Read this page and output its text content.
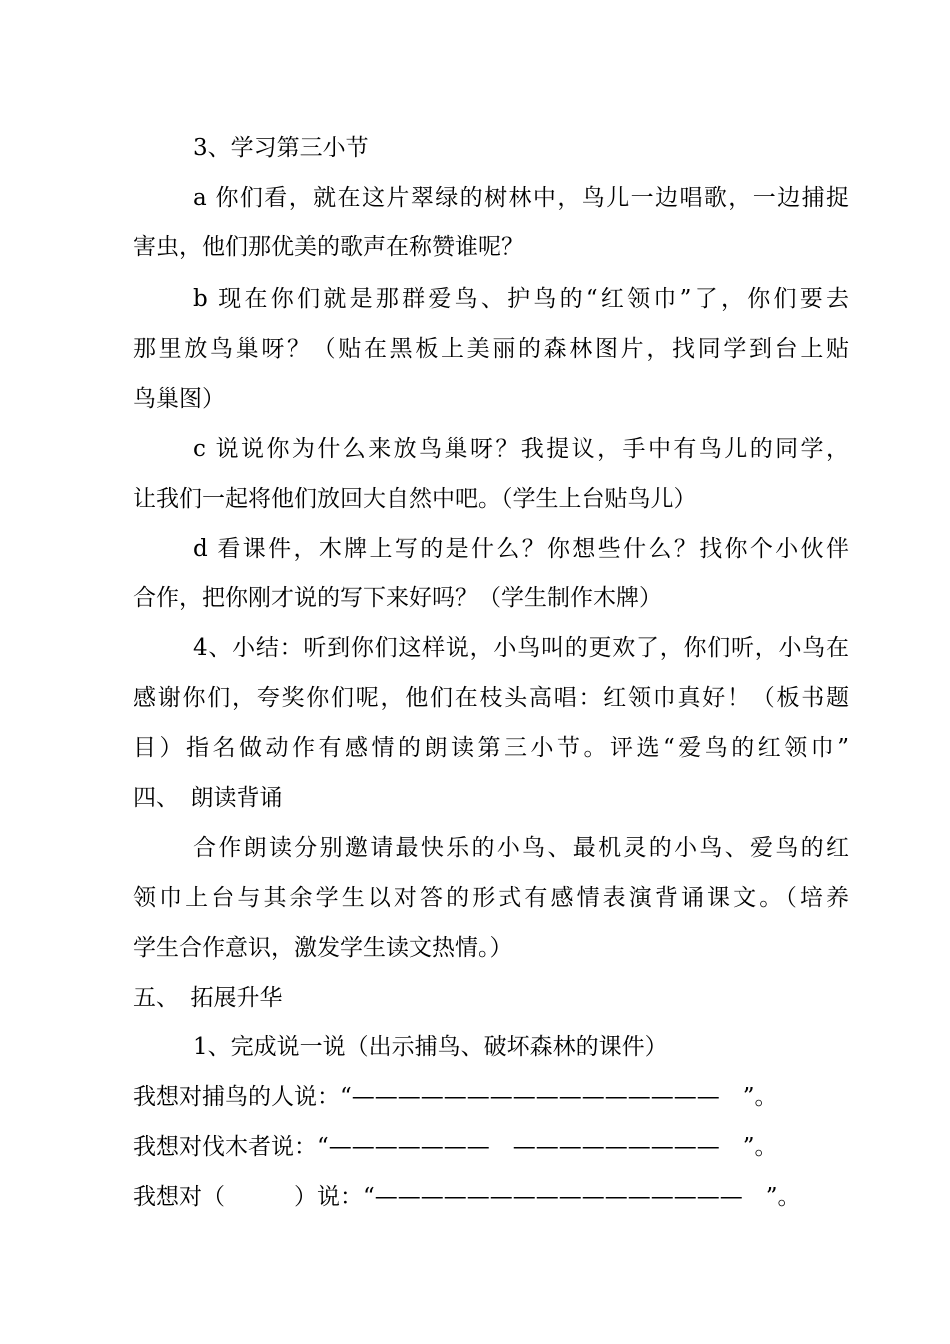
3、学习第三小节
a 你们看，就在这片翠绿的树林中，鸟儿一边唱歌，一边捕捉
害虫，他们那优美的歌声在称赞谁呢？
b 现在你们就是那群爱鸟、护鸟的“红领巾”了，你们要去
那里放鸟巢呀？（贴在黑板上美丽的森林图片，找同学到台上贴
鸟巢图）
c 说说你为什么来放鸟巢呀？我提议，手中有鸟儿的同学，
让我们一起将他们放回大自然中吧。（学生上台贴鸟儿）
d 看课件，木牌上写的是什么？你想些什么？找你个小伙伴
合作，把你刚才说的写下来好吗？（学生制作木牌）
4、小结：听到你们这样说，小鸟叫的更欢了，你们听，小鸟在
感谢你们，夸奖你们呢，他们在枝头高唱：红领巾真好！（板书题
目）指名做动作有感情的朗读第三小节。评选“爱鸟的红领巾”
四、　朗读背诵
合作朗读分别邀请最快乐的小鸟、最机灵的小鸟、爱鸟的红
领巾上台与其余学生以对答的形式有感情表演背诵课文。（培养
学生合作意识，激发学生读文热情。）
五、　拓展升华
1、完成说一说（出示捕鸟、破坏森林的课件）
我想对捕鸟的人说：“————————————————　”。
我想对伐木者说：“———————　—————————　”。
我想对（　　　）说：“————————————————　”。
